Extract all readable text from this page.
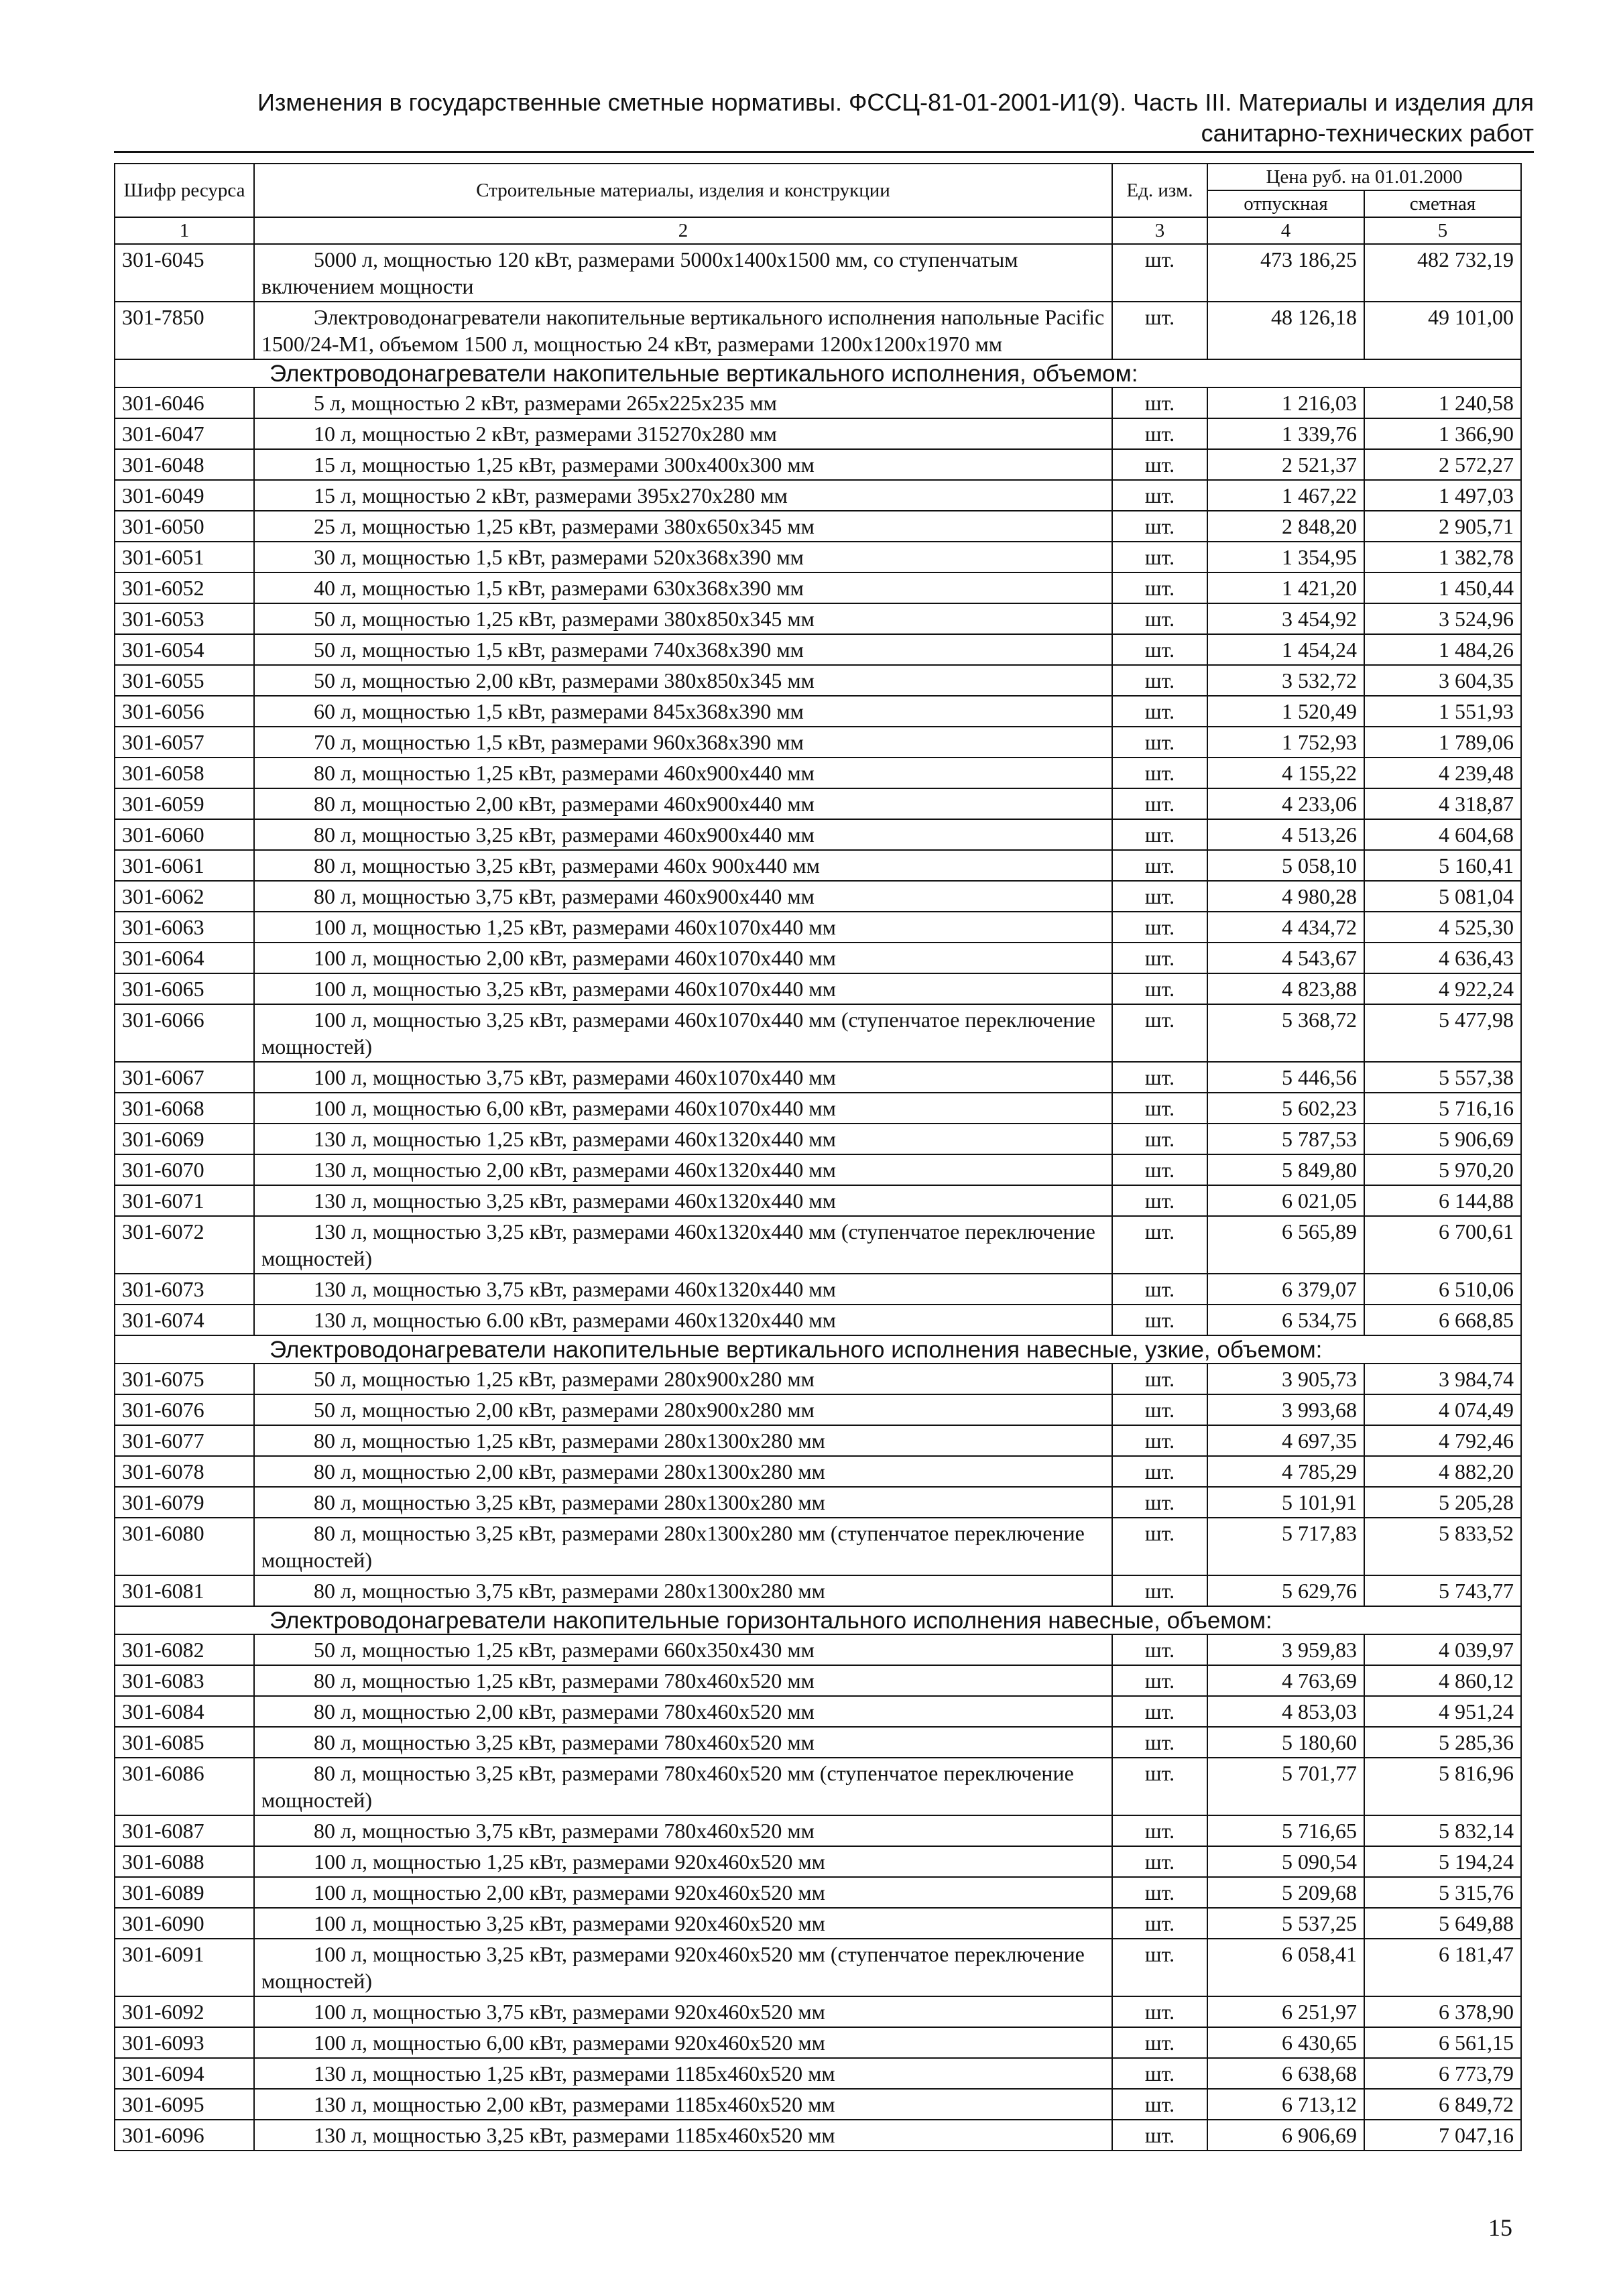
Изменения в государственные сметные нормативы. ФССЦ-81-01-2001-И1(9). Часть III. Материалы и изделия для
санитарно-технических работ
Шифр ресурса	Строительные материалы, изделия и конструкции	Ед. изм.	Цена руб. на 01.01.2000	
			отпускная	сметная
1	2	3	4	5
301-6045	5000 л, мощностью 120 кВт, размерами 5000х1400х1500 мм, со ступенчатым включением мощности	шт.	473 186,25	482 732,19
301-7850	Электроводонагреватели накопительные вертикального исполнения напольные Pacific 1500/24-M1, объемом 1500 л, мощностью 24 кВт, размерами 1200x1200x1970 мм	шт.	48 126,18	49 101,00
Электроводонагреватели накопительные вертикального исполнения, объемом:				
301-6046	5 л, мощностью 2 кВт, размерами 265х225х235 мм	шт.	1 216,03	1 240,58
301-6047	10 л, мощностью 2 кВт, размерами 315270х280 мм	шт.	1 339,76	1 366,90
301-6048	15 л, мощностью 1,25 кВт, размерами 300х400х300 мм	шт.	2 521,37	2 572,27
301-6049	15 л, мощностью 2 кВт, размерами 395х270х280 мм	шт.	1 467,22	1 497,03
301-6050	25 л, мощностью 1,25 кВт, размерами 380х650х345 мм	шт.	2 848,20	2 905,71
301-6051	30 л, мощностью 1,5 кВт, размерами 520х368х390 мм	шт.	1 354,95	1 382,78
301-6052	40 л, мощностью 1,5 кВт, размерами 630х368х390 мм	шт.	1 421,20	1 450,44
301-6053	50 л, мощностью 1,25 кВт, размерами 380х850х345 мм	шт.	3 454,92	3 524,96
301-6054	50 л, мощностью 1,5 кВт, размерами 740х368х390 мм	шт.	1 454,24	1 484,26
301-6055	50 л, мощностью 2,00 кВт, размерами 380х850х345 мм	шт.	3 532,72	3 604,35
301-6056	60 л, мощностью 1,5 кВт, размерами 845х368х390 мм	шт.	1 520,49	1 551,93
301-6057	70 л, мощностью 1,5 кВт, размерами 960х368х390 мм	шт.	1 752,93	1 789,06
301-6058	80 л, мощностью 1,25 кВт, размерами 460х900х440 мм	шт.	4 155,22	4 239,48
301-6059	80 л, мощностью 2,00 кВт, размерами 460х900х440 мм	шт.	4 233,06	4 318,87
301-6060	80 л, мощностью 3,25 кВт, размерами 460х900х440 мм	шт.	4 513,26	4 604,68
301-6061	80 л, мощностью 3,25 кВт, размерами 460х 900х440 мм	шт.	5 058,10	5 160,41
301-6062	80 л, мощностью 3,75 кВт, размерами 460х900х440 мм	шт.	4 980,28	5 081,04
301-6063	100 л, мощностью 1,25 кВт, размерами 460х1070х440 мм	шт.	4 434,72	4 525,30
301-6064	100 л, мощностью 2,00 кВт, размерами 460х1070х440 мм	шт.	4 543,67	4 636,43
301-6065	100 л, мощностью 3,25 кВт, размерами 460х1070х440 мм	шт.	4 823,88	4 922,24
301-6066	100 л, мощностью 3,25 кВт, размерами 460х1070х440 мм (ступенчатое переключение мощностей)	шт.	5 368,72	5 477,98
301-6067	100 л, мощностью 3,75 кВт, размерами 460х1070х440 мм	шт.	5 446,56	5 557,38
301-6068	100 л, мощностью 6,00 кВт, размерами 460х1070х440 мм	шт.	5 602,23	5 716,16
301-6069	130 л, мощностью 1,25 кВт, размерами 460х1320х440 мм	шт.	5 787,53	5 906,69
301-6070	130 л, мощностью 2,00 кВт, размерами 460х1320х440 мм	шт.	5 849,80	5 970,20
301-6071	130 л, мощностью 3,25 кВт, размерами 460х1320х440 мм	шт.	6 021,05	6 144,88
301-6072	130 л, мощностью 3,25 кВт, размерами 460х1320х440 мм (ступенчатое переключение мощностей)	шт.	6 565,89	6 700,61
301-6073	130 л, мощностью 3,75 кВт, размерами 460х1320х440 мм	шт.	6 379,07	6 510,06
301-6074	130 л, мощностью 6.00 кВт, размерами 460х1320х440 мм	шт.	6 534,75	6 668,85
Электроводонагреватели накопительные вертикального исполнения навесные, узкие, объемом:				
301-6075	50 л, мощностью 1,25 кВт, размерами 280х900х280 мм	шт.	3 905,73	3 984,74
301-6076	50 л, мощностью 2,00 кВт, размерами 280х900х280 мм	шт.	3 993,68	4 074,49
301-6077	80 л, мощностью 1,25 кВт, размерами 280х1300х280 мм	шт.	4 697,35	4 792,46
301-6078	80 л, мощностью 2,00 кВт, размерами 280х1300х280 мм	шт.	4 785,29	4 882,20
301-6079	80 л, мощностью 3,25 кВт, размерами 280х1300х280 мм	шт.	5 101,91	5 205,28
301-6080	80 л, мощностью 3,25 кВт, размерами 280х1300х280 мм (ступенчатое переключение мощностей)	шт.	5 717,83	5 833,52
301-6081	80 л, мощностью 3,75 кВт, размерами 280х1300х280 мм	шт.	5 629,76	5 743,77
Электроводонагреватели накопительные горизонтального исполнения навесные, объемом:				
301-6082	50 л, мощностью 1,25 кВт, размерами 660х350х430 мм	шт.	3 959,83	4 039,97
301-6083	80 л, мощностью 1,25 кВт, размерами 780х460х520 мм	шт.	4 763,69	4 860,12
301-6084	80 л, мощностью 2,00 кВт, размерами 780х460х520 мм	шт.	4 853,03	4 951,24
301-6085	80 л, мощностью 3,25 кВт, размерами 780х460х520 мм	шт.	5 180,60	5 285,36
301-6086	80 л, мощностью 3,25 кВт, размерами 780х460х520 мм (ступенчатое переключение мощностей)	шт.	5 701,77	5 816,96
301-6087	80 л, мощностью 3,75 кВт, размерами 780х460х520 мм	шт.	5 716,65	5 832,14
301-6088	100 л, мощностью 1,25 кВт, размерами 920х460х520 мм	шт.	5 090,54	5 194,24
301-6089	100 л, мощностью 2,00 кВт, размерами 920х460х520 мм	шт.	5 209,68	5 315,76
301-6090	100 л, мощностью 3,25 кВт, размерами 920х460х520 мм	шт.	5 537,25	5 649,88
301-6091	100 л, мощностью 3,25 кВт, размерами 920х460х520 мм (ступенчатое переключение мощностей)	шт.	6 058,41	6 181,47
301-6092	100 л, мощностью 3,75 кВт, размерами 920х460х520 мм	шт.	6 251,97	6 378,90
301-6093	100 л, мощностью 6,00 кВт, размерами 920х460х520 мм	шт.	6 430,65	6 561,15
301-6094	130 л, мощностью 1,25 кВт, размерами 1185х460х520 мм	шт.	6 638,68	6 773,79
301-6095	130 л, мощностью 2,00 кВт, размерами 1185х460х520 мм	шт.	6 713,12	6 849,72
301-6096	130 л, мощностью 3,25 кВт, размерами 1185х460х520 мм	шт.	6 906,69	7 047,16
15
